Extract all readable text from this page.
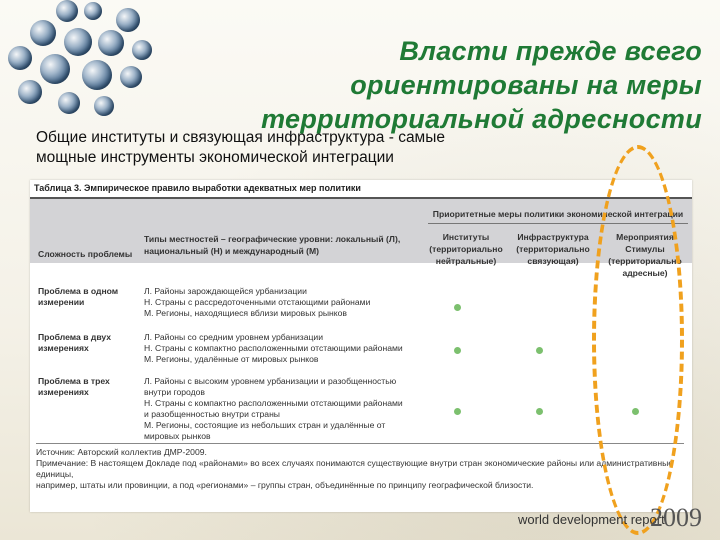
Власти прежде всего
ориентированы на меры
территориальной адресности
Общие институты и связующая инфраструктура - самые
мощные инструменты экономической интеграции
Таблица 3. Эмпирическое правило выработки адекватных мер политики
Приоритетные меры политики экономической интеграции
Институты
(территориально
нейтральные)
Инфраструктура
(территориально
связующая)
Мероприятия Стимулы
(территориально
адресные)
Типы местностей – географические уровни: локальный (Л),
национальный (Н) и международный (М)
Сложность проблемы
Проблема в одном
измерении
Л. Районы зарождающейся урбанизации
Н. Страны с рассредоточенными отстающими районами
М. Регионы, находящиеся вблизи мировых рынков
Проблема в двух
измерениях
Л. Районы со средним уровнем урбанизации
Н. Страны с компактно расположенными отстающими районами
М. Регионы, удалённые от мировых рынков
Проблема в трех
измерениях
Л. Районы с высоким уровнем урбанизации и разобщенностью
внутри городов
Н. Страны с компактно расположенными отстающими районами
и разобщенностью внутри страны
М. Регионы, состоящие из небольших стран и удалённые от
мировых рынков
Источник: Авторский коллектив ДМР-2009.
Примечание: В настоящем Докладе под «районами» во всех случаях понимаются существующие внутри стран экономические районы или административные единицы,
например, штаты или провинции, а под «регионами» – группы стран, объединённые по принципу географической близости.
world development report
2009
